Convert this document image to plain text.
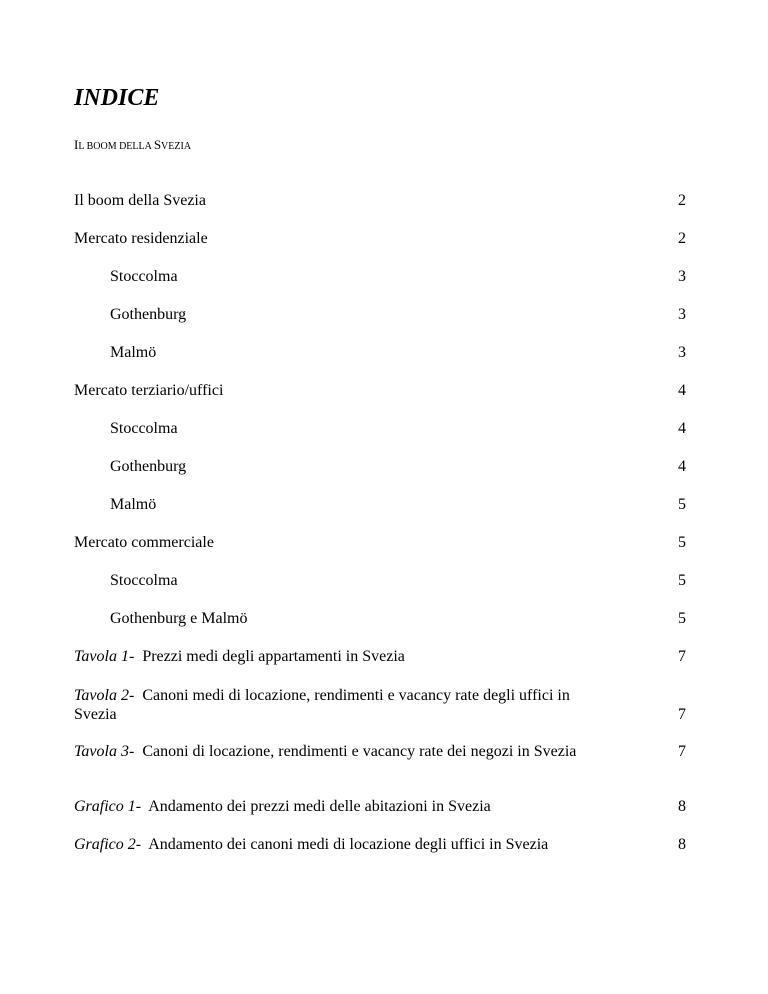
INDICE
IL BOOM DELLA SVEZIA
Il boom della Svezia	2
Mercato residenziale	2
Stoccolma	3
Gothenburg	3
Malmö	3
Mercato terziario/uffici	4
Stoccolma	4
Gothenburg	4
Malmö	5
Mercato commerciale	5
Stoccolma	5
Gothenburg e Malmö	5
Tavola 1- Prezzi medi degli appartamenti in Svezia	7
Tavola 2- Canoni medi di locazione, rendimenti e vacancy rate degli uffici in Svezia	7
Tavola 3- Canoni di locazione, rendimenti e vacancy rate dei negozi in Svezia	7
Grafico 1- Andamento dei prezzi medi delle abitazioni in Svezia	8
Grafico 2- Andamento dei canoni medi di locazione degli uffici in Svezia	8
